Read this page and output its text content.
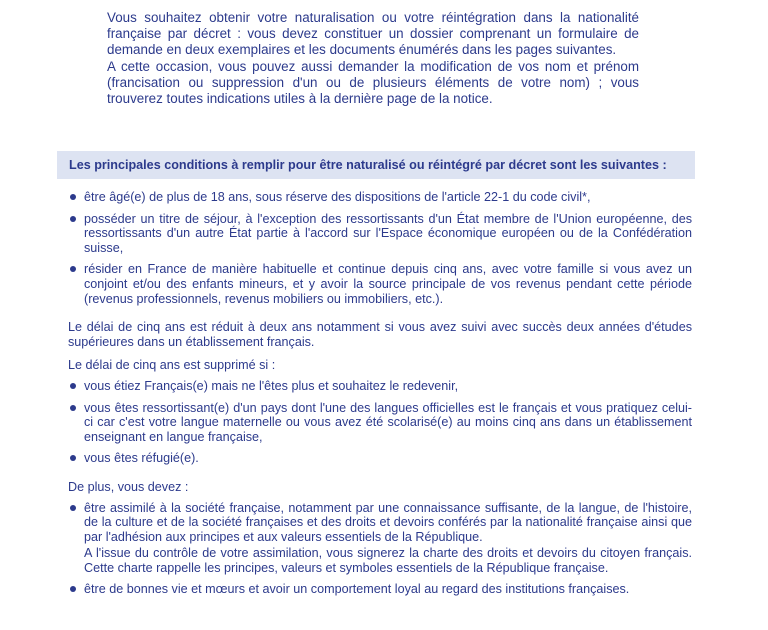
Vous souhaitez obtenir votre naturalisation ou votre réintégration dans la nationalité française par décret : vous devez constituer un dossier comprenant un formulaire de demande en deux exemplaires et les documents énumérés dans les pages suivantes.

A cette occasion, vous pouvez aussi demander la modification de vos nom et prénom (francisation ou suppression d'un ou de plusieurs éléments de votre nom) ; vous trouverez toutes indications utiles à la dernière page de la notice.

Les principales conditions à remplir pour être naturalisé ou réintégré par décret sont les suivantes :
être âgé(e) de plus de 18 ans, sous réserve des dispositions de l'article 22-1 du code civil*,
posséder un titre de séjour, à l'exception des ressortissants d'un État membre de l'Union européenne, des ressortissants d'un autre État partie à l'accord sur l'Espace économique européen ou de la Confédération suisse,
résider en France de manière habituelle et continue depuis cinq ans, avec votre famille si vous avez un conjoint et/ou des enfants mineurs, et y avoir la source principale de vos revenus pendant cette période (revenus professionnels, revenus mobiliers ou immobiliers, etc.).

Le délai de cinq ans est réduit à deux ans notamment si vous avez suivi avec succès deux années d'études supérieures dans un établissement français.

Le délai de cinq ans est supprimé si :

vous étiez Français(e) mais ne l'êtes plus et souhaitez le redevenir,
vous êtes ressortissant(e) d'un pays dont l'une des langues officielles est le français et vous pratiquez celui-ci car c'est votre langue maternelle ou vous avez été scolarisé(e) au moins cinq ans dans un établissement enseignant en langue française,
vous êtes réfugié(e).

De plus, vous devez :

être assimilé à la société française, notamment par une connaissance suffisante, de la langue, de l'histoire, de la culture et de la société françaises et des droits et devoirs conférés par la nationalité française ainsi que par l'adhésion aux principes et aux valeurs essentiels de la République.
A l'issue du contrôle de votre assimilation, vous signerez la charte des droits et devoirs du citoyen français. Cette charte rappelle les principes, valeurs et symboles essentiels de la République française.
être de bonnes vie et mœurs et avoir un comportement loyal au regard des institutions françaises.
